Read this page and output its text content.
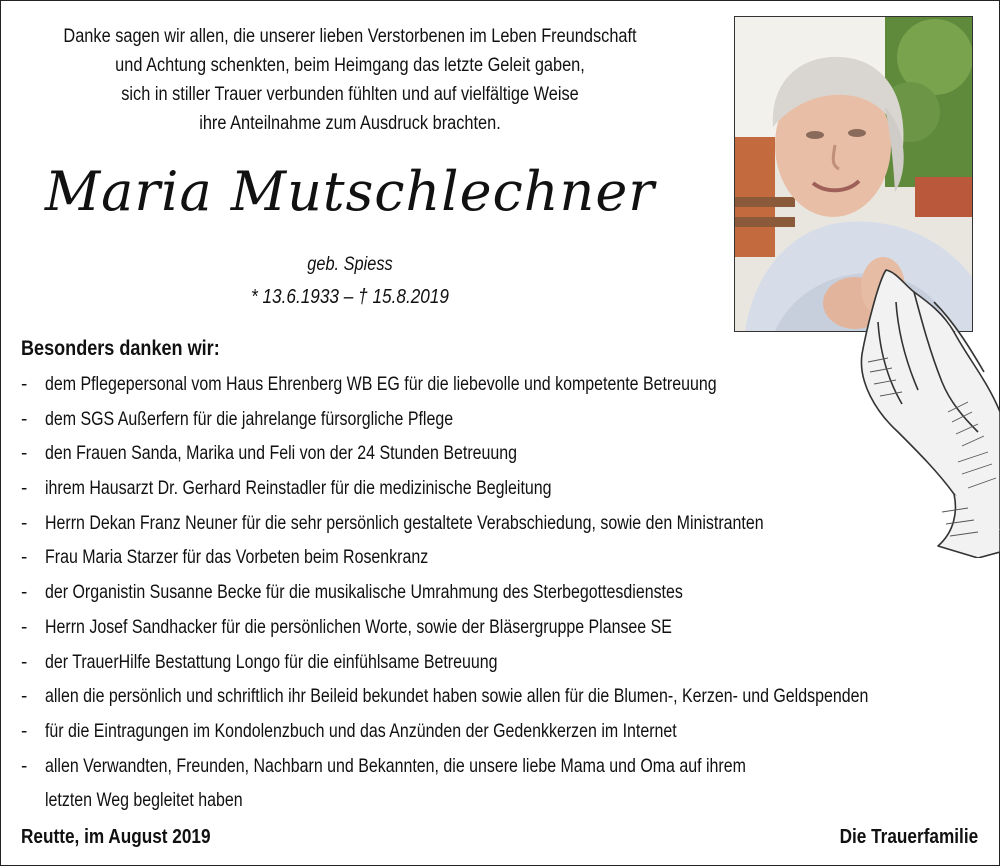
Danke sagen wir allen, die unserer lieben Verstorbenen im Leben Freundschaft
und Achtung schenkten, beim Heimgang das letzte Geleit gaben,
sich in stiller Trauer verbunden fühlten und auf vielfältige Weise
ihre Anteilnahme zum Ausdruck brachten.
Maria Mutschlechner
geb. Spiess
* 13.6.1933 – † 15.8.2019
Besonders danken wir:
- dem Pflegepersonal vom Haus Ehrenberg WB EG für die liebevolle und kompetente Betreuung
- dem SGS Außerfern für die jahrelange fürsorgliche Pflege
- den Frauen Sanda, Marika und Feli von der 24 Stunden Betreuung
- ihrem Hausarzt Dr. Gerhard Reinstadler für die medizinische Begleitung
- Herrn Dekan Franz Neuner für die sehr persönlich gestaltete Verabschiedung, sowie den Ministranten
- Frau Maria Starzer für das Vorbeten beim Rosenkranz
- der Organistin Susanne Becke für die musikalische Umrahmung des Sterbegottesdienstes
- Herrn Josef Sandhacker für die persönlichen Worte, sowie der Bläsergruppe Plansee SE
- der TrauerHilfe Bestattung Longo für die einfühlsame Betreuung
- allen die persönlich und schriftlich ihr Beileid bekundet haben sowie allen für die Blumen-, Kerzen- und Geldspenden
- für die Eintragungen im Kondolenzbuch und das Anzünden der Gedenkkerzen im Internet
- allen Verwandten, Freunden, Nachbarn und Bekannten, die unsere liebe Mama und Oma auf ihrem
letzten Weg begleitet haben
Reutte, im August 2019	Die Trauerfamilie
